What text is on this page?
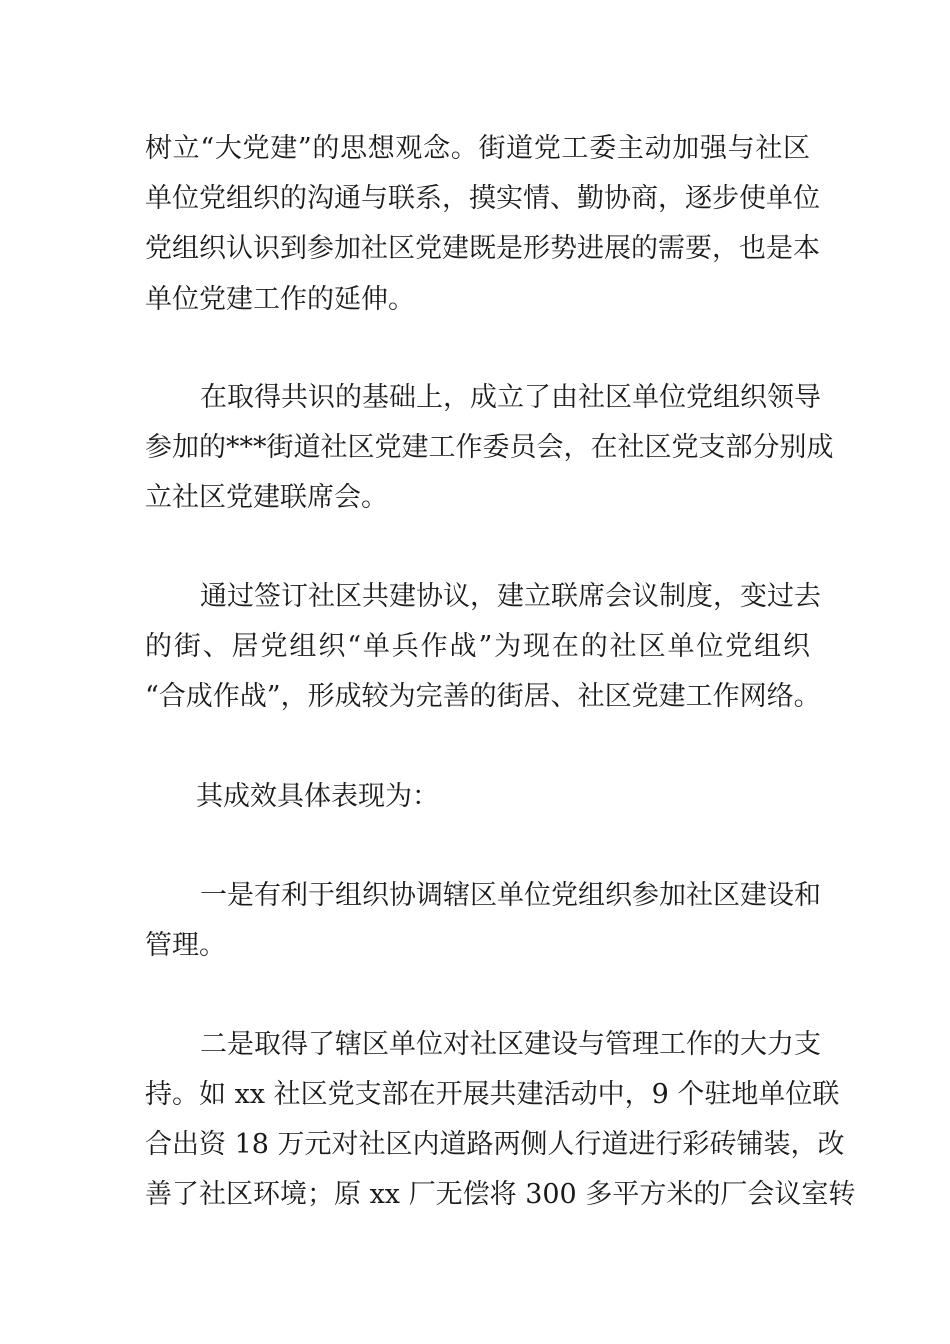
树立“大党建”的思想观念。街道党工委主动加强与社区
单位党组织的沟通与联系，摸实情、勤协商，逐步使单位
党组织认识到参加社区党建既是形势进展的需要，也是本
单位党建工作的延伸。
在取得共识的基础上，成立了由社区单位党组织领导
参加的***街道社区党建工作委员会，在社区党支部分别成
立社区党建联席会。
通过签订社区共建协议，建立联席会议制度，变过去
的街、居党组织“单兵作战”为现在的社区单位党组织
“合成作战”，形成较为完善的街居、社区党建工作网络。
其成效具体表现为：
一是有利于组织协调辖区单位党组织参加社区建设和
管理。
二是取得了辖区单位对社区建设与管理工作的大力支
持。如 xx 社区党支部在开展共建活动中，9 个驻地单位联
合出资 18 万元对社区内道路两侧人行道进行彩砖铺装，改
善了社区环境；原 xx 厂无偿将 300 多平方米的厂会议室转
